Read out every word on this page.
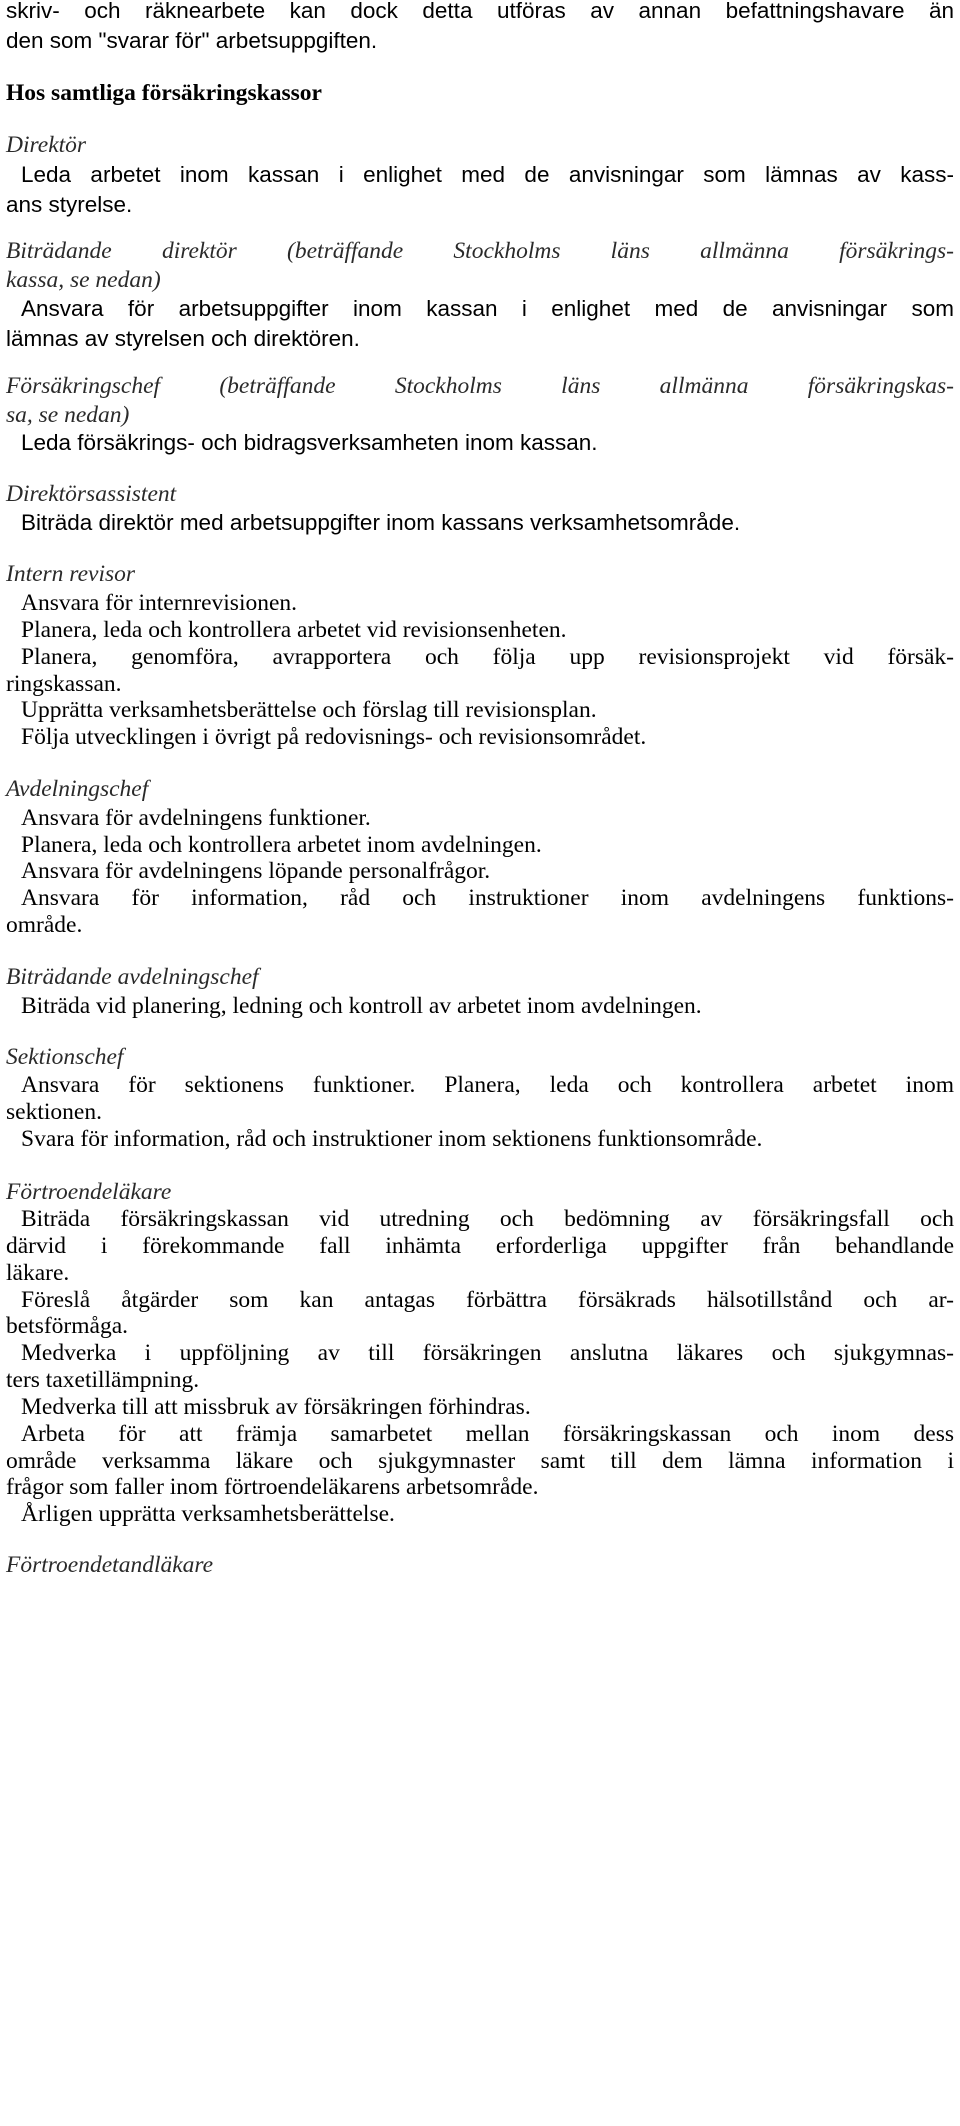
skriv- och räknearbete kan dock detta utföras av annan befattningshavare än
den som "svarar för" arbetsuppgiften.
Hos samtliga försäkringskassor
Direktör
Leda arbetet inom kassan i enlighet med de anvisningar som lämnas av kass-
ans styrelse.
Biträdande direktör (beträffande Stockholms läns allmänna försäkrings-
kassa, se nedan)
Ansvara för arbetsuppgifter inom kassan i enlighet med de anvisningar som
lämnas av styrelsen och direktören.
Försäkringschef (beträffande Stockholms läns allmänna försäkringskas-
sa, se nedan)
Leda försäkrings- och bidragsverksamheten inom kassan.
Direktörsassistent
Biträda direktör med arbetsuppgifter inom kassans verksamhetsområde.
Intern revisor
Ansvara för internrevisionen.
Planera, leda och kontrollera arbetet vid revisionsenheten.
Planera, genomföra, avrapportera och följa upp revisionsprojekt vid försäk-
ringskassan.
Upprätta verksamhetsberättelse och förslag till revisionsplan.
Följa utvecklingen i övrigt på redovisnings- och revisionsområdet.
Avdelningschef
Ansvara för avdelningens funktioner.
Planera, leda och kontrollera arbetet inom avdelningen.
Ansvara för avdelningens löpande personalfrågor.
Ansvara för information, råd och instruktioner inom avdelningens funktions-
område.
Biträdande avdelningschef
Biträda vid planering, ledning och kontroll av arbetet inom avdelningen.
Sektionschef
Ansvara för sektionens funktioner. Planera, leda och kontrollera arbetet inom
sektionen.
Svara för information, råd och instruktioner inom sektionens funktionsområde.
Förtroendeläkare
Biträda försäkringskassan vid utredning och bedömning av försäkringsfall och
därvid i förekommande fall inhämta erforderliga uppgifter från behandlande
läkare.
Föreslå åtgärder som kan antagas förbättra försäkrads hälsotillstånd och ar-
betsförmåga.
Medverka i uppföljning av till försäkringen anslutna läkares och sjukgymnas-
ters taxetillämpning.
Medverka till att missbruk av försäkringen förhindras.
Arbeta för att främja samarbetet mellan försäkringskassan och inom dess
område verksamma läkare och sjukgymnaster samt till dem lämna information i
frågor som faller inom förtroendeläkarens arbetsområde.
Årligen upprätta verksamhetsberättelse.
Förtroendetandläkare
